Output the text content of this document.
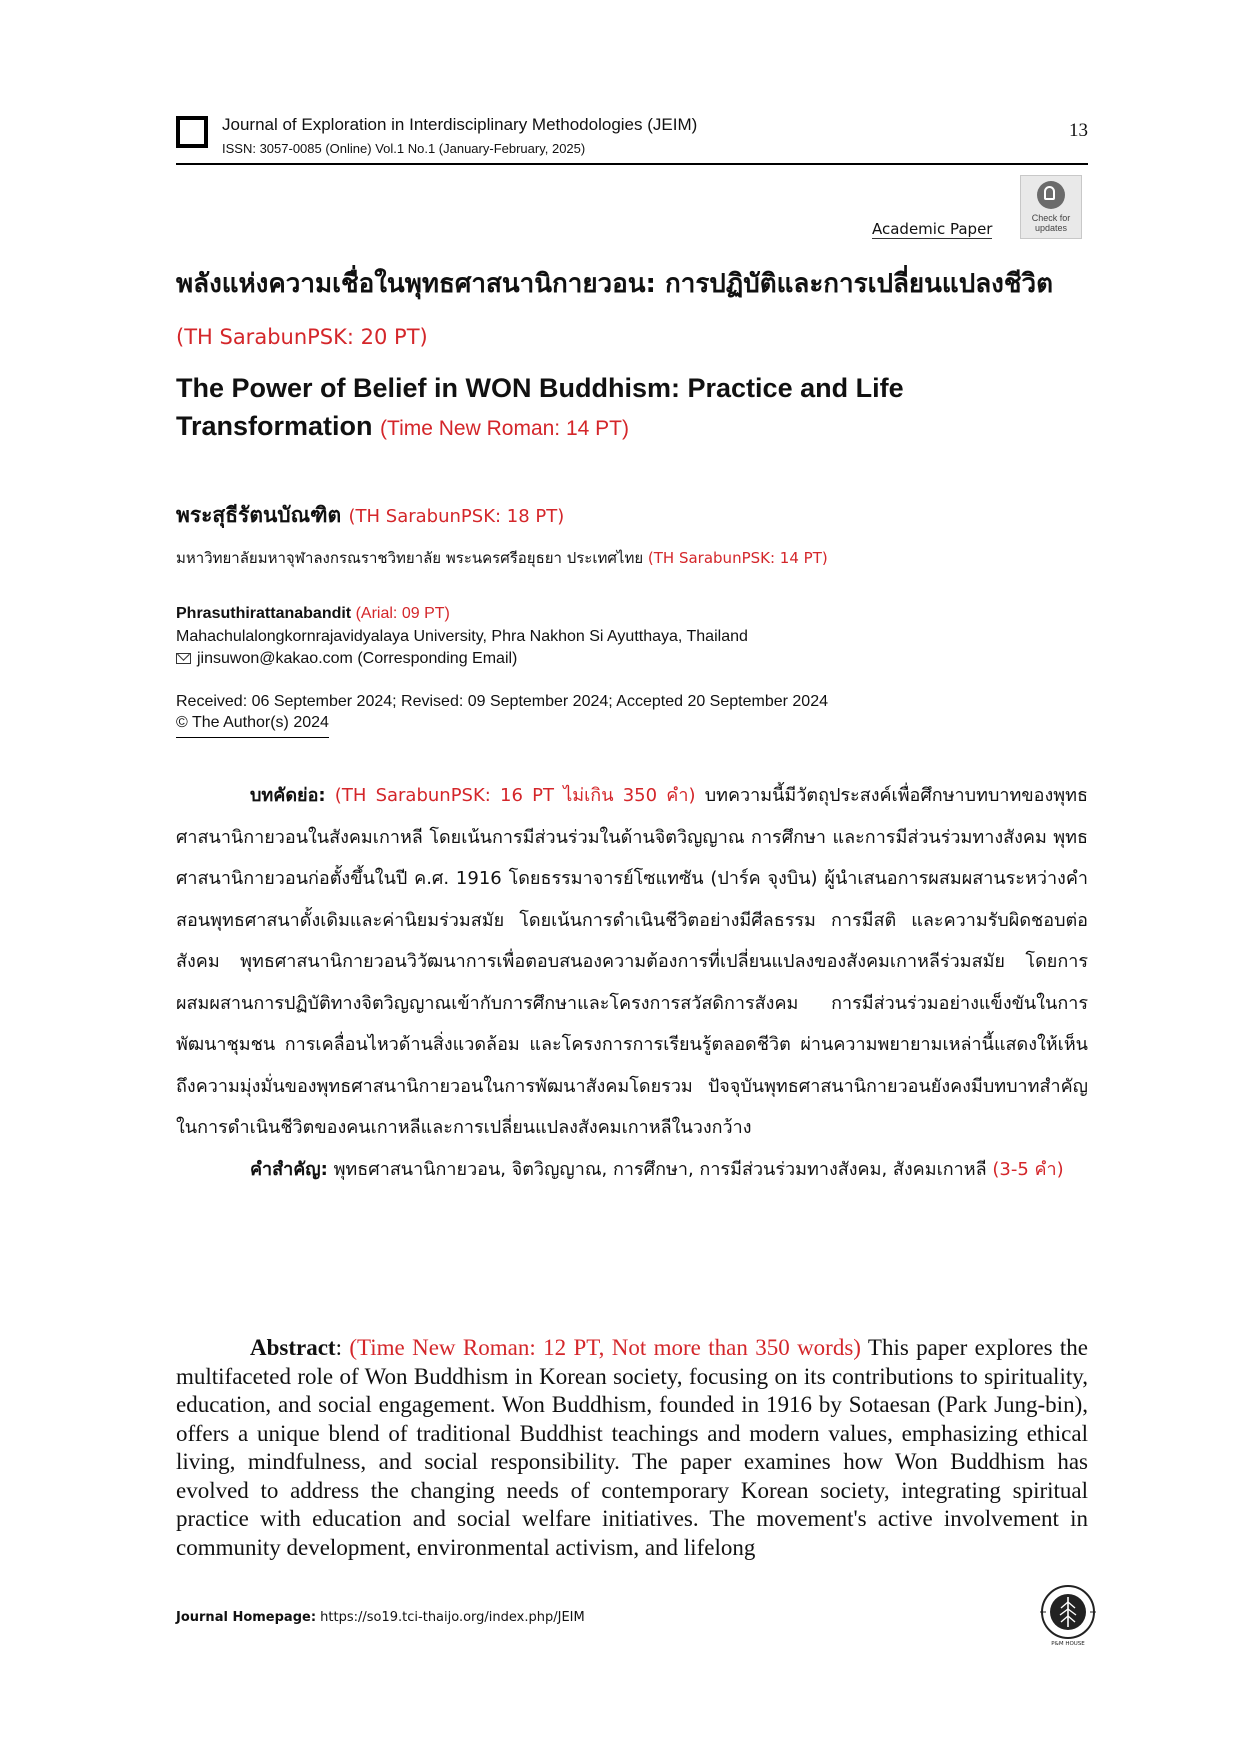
Journal of Exploration in Interdisciplinary Methodologies (JEIM)
ISSN: 3057-0085 (Online) Vol.1 No.1 (January-February, 2025)
13
Academic Paper
Check for updates
พลังแห่งความเชื่อในพุทธศาสนานิกายวอน: การปฏิบัติและการเปลี่ยนแปลงชีวิต
(TH SarabunPSK: 20 PT)
The Power of Belief in WON Buddhism: Practice and Life Transformation (Time New Roman: 14 PT)
พระสุธีรัตนบัณฑิต (TH SarabunPSK: 18 PT)
มหาวิทยาลัยมหาจุฬาลงกรณราชวิทยาลัย พระนครศรีอยุธยา ประเทศไทย (TH SarabunPSK: 14 PT)
Phrasuthirattanabandit (Arial: 09 PT)
Mahachulalongkornrajavidyalaya University, Phra Nakhon Si Ayutthaya, Thailand
jinsuwon@kakao.com (Corresponding Email)
Received: 06 September 2024; Revised: 09 September 2024; Accepted 20 September 2024
© The Author(s) 2024

บทคัดย่อ: (TH SarabunPSK: 16 PT ไม่เกิน 350 คำ) บทความนี้มีวัตถุประสงค์เพื่อศึกษาบทบาทของพุทธศาสนานิกายวอนในสังคมเกาหลี โดยเน้นการมีส่วนร่วมในด้านจิตวิญญาณ การศึกษา และการมีส่วนร่วมทางสังคม พุทธศาสนานิกายวอนก่อตั้งขึ้นในปี ค.ศ. 1916 โดยธรรมาจารย์โซแทซัน (ปาร์ค จุงบิน) ผู้นำเสนอการผสมผสานระหว่างคำสอนพุทธศาสนาดั้งเดิมและค่านิยมร่วมสมัย โดยเน้นการดำเนินชีวิตอย่างมีศีลธรรม การมีสติ และความรับผิดชอบต่อสังคม พุทธศาสนานิกายวอนวิวัฒนาการเพื่อตอบสนองความต้องการที่เปลี่ยนแปลงของสังคมเกาหลีร่วมสมัย โดยการผสมผสานการปฏิบัติทางจิตวิญญาณเข้ากับการศึกษาและโครงการสวัสดิการสังคม การมีส่วนร่วมอย่างแข็งขันในการพัฒนาชุมชน การเคลื่อนไหวด้านสิ่งแวดล้อม และโครงการการเรียนรู้ตลอดชีวิต ผ่านความพยายามเหล่านี้แสดงให้เห็นถึงความมุ่งมั่นของพุทธศาสนานิกายวอนในการพัฒนาสังคมโดยรวม ปัจจุบันพุทธศาสนานิกายวอนยังคงมีบทบาทสำคัญในการดำเนินชีวิตของคนเกาหลีและการเปลี่ยนแปลงสังคมเกาหลีในวงกว้าง

คำสำคัญ: พุทธศาสนานิกายวอน, จิตวิญญาณ, การศึกษา, การมีส่วนร่วมทางสังคม, สังคมเกาหลี (3-5 คำ)

Abstract: (Time New Roman: 12 PT, Not more than 350 words) This paper explores the multifaceted role of Won Buddhism in Korean society, focusing on its contributions to spirituality, education, and social engagement. Won Buddhism, founded in 1916 by Sotaesan (Park Jung-bin), offers a unique blend of traditional Buddhist teachings and modern values, emphasizing ethical living, mindfulness, and social responsibility. The paper examines how Won Buddhism has evolved to address the changing needs of contemporary Korean society, integrating spiritual practice with education and social welfare initiatives. The movement's active involvement in community development, environmental activism, and lifelong

Journal Homepage: https://so19.tci-thaijo.org/index.php/JEIM
P&M HOUSE
